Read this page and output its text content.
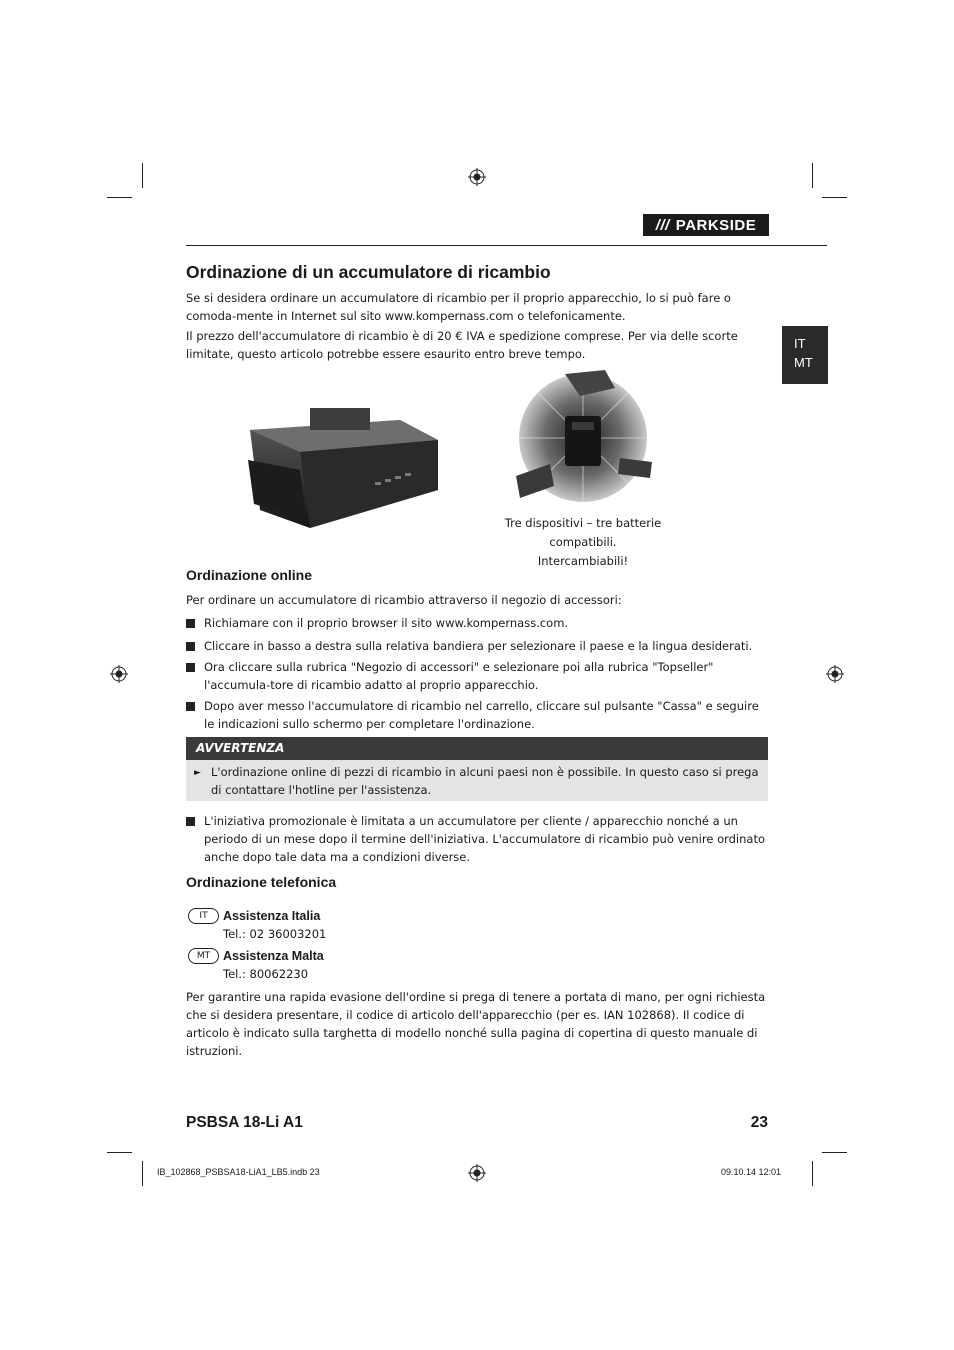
/// PARKSIDE
IT
MT
Ordinazione di un accumulatore di ricambio

Se si desidera ordinare un accumulatore di ricambio per il proprio apparecchio, lo si può fare o comoda-mente in Internet sul sito www.kompernass.com o telefonicamente.

Il prezzo dell'accumulatore di ricambio è di 20 € IVA e spedizione comprese. Per via delle scorte limitate, questo articolo potrebbe essere esaurito entro breve tempo.

Tre dispositivi – tre batterie compatibili.
Intercambiabili!
Ordinazione online

Per ordinare un accumulatore di ricambio attraverso il negozio di accessori:

Richiamare con il proprio browser il sito www.kompernass.com.
Cliccare in basso a destra sulla relativa bandiera per selezionare il paese e la lingua desiderati.
Ora cliccare sulla rubrica "Negozio di accessori" e selezionare poi alla rubrica "Topseller" l'accumula-tore di ricambio adatto al proprio apparecchio.
Dopo aver messo l'accumulatore di ricambio nel carrello, cliccare sul pulsante "Cassa" e seguire le indicazioni sullo schermo per completare l'ordinazione.
AVVERTENZA
► L'ordinazione online di pezzi di ricambio in alcuni paesi non è possibile. In questo caso si prega di contattare l'hotline per l'assistenza.
L'iniziativa promozionale è limitata a un accumulatore per cliente / apparecchio nonché a un periodo di un mese dopo il termine dell'iniziativa. L'accumulatore di ricambio può venire ordinato anche dopo tale data ma a condizioni diverse.
Ordinazione telefonica
IT	Assistenza Italia
Tel.: 02 36003201
MT	Assistenza Malta
Tel.: 80062230

Per garantire una rapida evasione dell'ordine si prega di tenere a portata di mano, per ogni richiesta che si desidera presentare, il codice di articolo dell'apparecchio (per es. IAN 102868). Il codice di articolo è indicato sulla targhetta di modello nonché sulla pagina di copertina di questo manuale di istruzioni.

PSBSA 18-Li A1	23
IB_102868_PSBSA18-LiA1_LB5.indb 23	09.10.14 12:01
